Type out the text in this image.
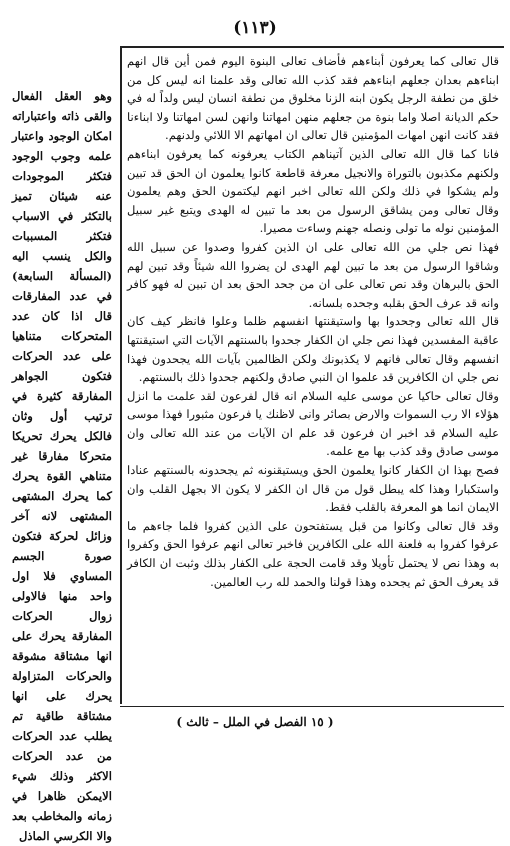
(١١٣)

قال تعالى كما يعرفون أبناءهم فأضاف تعالى البنوة اليوم فمن أين قال انهم ابناءهم بعدان جعلهم ابناءهم فقد كذب الله تعالى وقد علمنا انه ليس كل من خلق من نطفة الرجل يكون ابنه الزنا مخلوق من نطفة انسان ليس ولداً له في حكم الديانة اصلا واما بنوة من جعلهم منهن امهاتنا وانهن لسن امهاتنا ولا ابناءنا فقد كانت انهن امهات المؤمنين قال تعالى ان امهاتهم الا اللائي ولدنهم.

فانا كما قال الله تعالى الذين آتيناهم الكتاب يعرفونه كما يعرفون ابناءهم ولكنهم مكذبون بالتوراة والانجيل معرفة قاطعة كانوا يعلمون ان الحق قد تبين ولم يشكوا في ذلك ولكن الله تعالى اخبر انهم ليكتمون الحق وهم يعلمون وقال تعالى ومن يشاقق الرسول من بعد ما تبين له الهدى ويتبع غير سبيل المؤمنين نوله ما تولى ونصله جهنم وساءت مصيرا.

فهذا نص جلي من الله تعالى على ان الذين كفروا وصدوا عن سبيل الله وشاقوا الرسول من بعد ما تبين لهم الهدى لن يضروا الله شيئاً وقد تبين لهم الحق بالبرهان وقد نص تعالى على ان من جحد الحق بعد ان تبين له فهو كافر وانه قد عرف الحق بقلبه وجحده بلسانه.

قال الله تعالى وجحدوا بها واستيقنتها انفسهم ظلما وعلوا فانظر كيف كان عاقبة المفسدين فهذا نص جلي ان الكفار جحدوا بالسنتهم الآيات التي استيقنتها انفسهم وقال تعالى فانهم لا يكذبونك ولكن الظالمين بآيات الله يجحدون فهذا نص جلي ان الكافرين قد علموا ان النبي صادق ولكنهم جحدوا ذلك بالسنتهم.

وقال تعالى حاكيا عن موسى عليه السلام انه قال لفرعون لقد علمت ما انزل هؤلاء الا رب السموات والارض بصائر وانى لاظنك يا فرعون مثبورا فهذا موسى عليه السلام قد اخبر ان فرعون قد علم ان الآيات من عند الله تعالى وان موسى صادق وقد كذب بها مع علمه.

فصح بهذا ان الكفار كانوا يعلمون الحق ويستيقنونه ثم يجحدونه بالسنتهم عنادا واستكبارا وهذا كله يبطل قول من قال ان الكفر لا يكون الا بجهل القلب وان الايمان انما هو المعرفة بالقلب فقط.

وقد قال تعالى وكانوا من قبل يستفتحون على الذين كفروا فلما جاءهم ما عرفوا كفروا به فلعنة الله على الكافرين فاخبر تعالى انهم عرفوا الحق وكفروا به وهذا نص لا يحتمل تأويلا وقد قامت الحجة على الكفار بذلك وثبت ان الكافر قد يعرف الحق ثم يجحده وهذا قولنا والحمد لله رب العالمين.

وهو العقل الفعال والقى ذاته واعتباراته امكان الوجود واعتبار علمه وجوب الوجود فتكثر الموجودات عنه شيئان تميز بالتكثر في الاسباب فتكثر المسببات والكل ينسب اليه (المسألة السابعة) في عدد المفارقات قال اذا كان عدد المتحركات متناهيا على عدد الحركات فتكون الجواهر المفارقة كثيرة في ترتيب أول وثان فالكل يحرك تحريكا متحركا مفارقا غير متناهي القوة يحرك كما يحرك المشتهى المشتهى لانه آخر وزائل لحركة فتكون صورة الجسم المساوي فلا اول واحد منها فالاولى زوال الحركات المفارقة يحرك على انها مشتاقة مشوقة والحركات المتزاولة يحرك على انها مشتاقة طاقية تم يطلب عدد الحركات من عدد الحركات الاكثر وذلك شيء الايمكن ظاهرا في زمانه والمخاطب بعد والا الكرسي الماذل

( ١٥ الفصل في الملل – ثالث )
